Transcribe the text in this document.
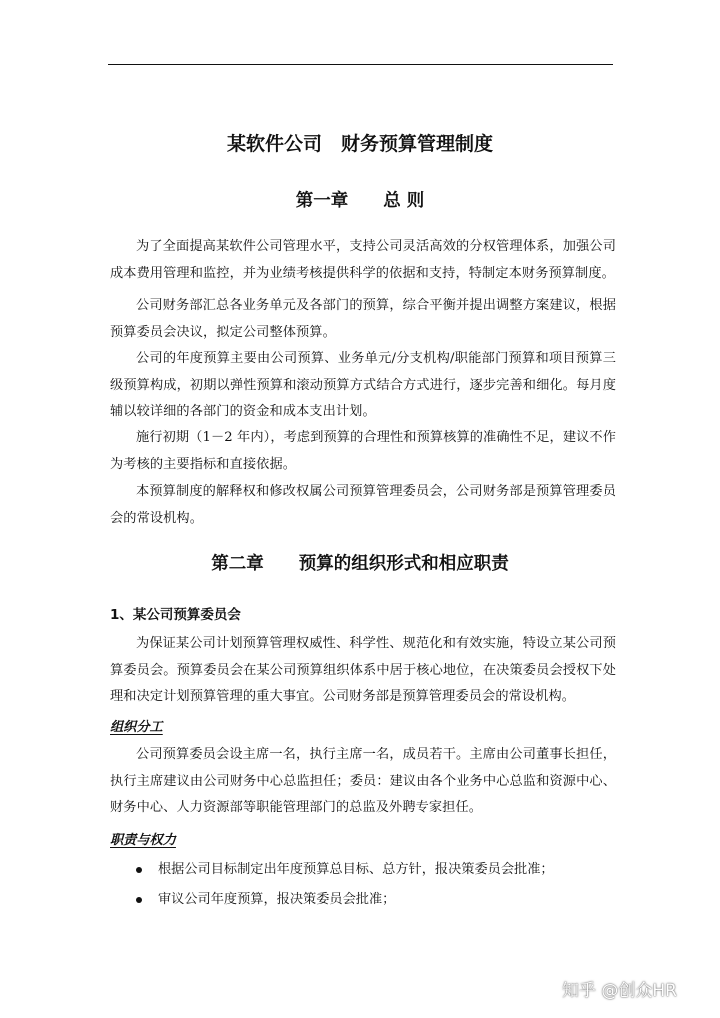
某软件公司　财务预算管理制度
第一章　　总 则

为了全面提高某软件公司管理水平，支持公司灵活高效的分权管理体系，加强公司成本费用管理和监控，并为业绩考核提供科学的依据和支持，特制定本财务预算制度。

公司财务部汇总各业务单元及各部门的预算，综合平衡并提出调整方案建议，根据预算委员会决议，拟定公司整体预算。

公司的年度预算主要由公司预算、业务单元/分支机构/职能部门预算和项目预算三级预算构成，初期以弹性预算和滚动预算方式结合方式进行，逐步完善和细化。每月度辅以较详细的各部门的资金和成本支出计划。

施行初期（1－2 年内），考虑到预算的合理性和预算核算的准确性不足，建议不作为考核的主要指标和直接依据。

本预算制度的解释权和修改权属公司预算管理委员会，公司财务部是预算管理委员会的常设机构。

第二章　　预算的组织形式和相应职责
1、某公司预算委员会

为保证某公司计划预算管理权威性、科学性、规范化和有效实施，特设立某公司预算委员会。预算委员会在某公司预算组织体系中居于核心地位，在决策委员会授权下处理和决定计划预算管理的重大事宜。公司财务部是预算管理委员会的常设机构。

组织分工

公司预算委员会设主席一名，执行主席一名，成员若干。主席由公司董事长担任，执行主席建议由公司财务中心总监担任；委员：建议由各个业务中心总监和资源中心、财务中心、人力资源部等职能管理部门的总监及外聘专家担任。

职责与权力

根据公司目标制定出年度预算总目标、总方针，报决策委员会批准；
审议公司年度预算，报决策委员会批准；
知乎 @创众HR
